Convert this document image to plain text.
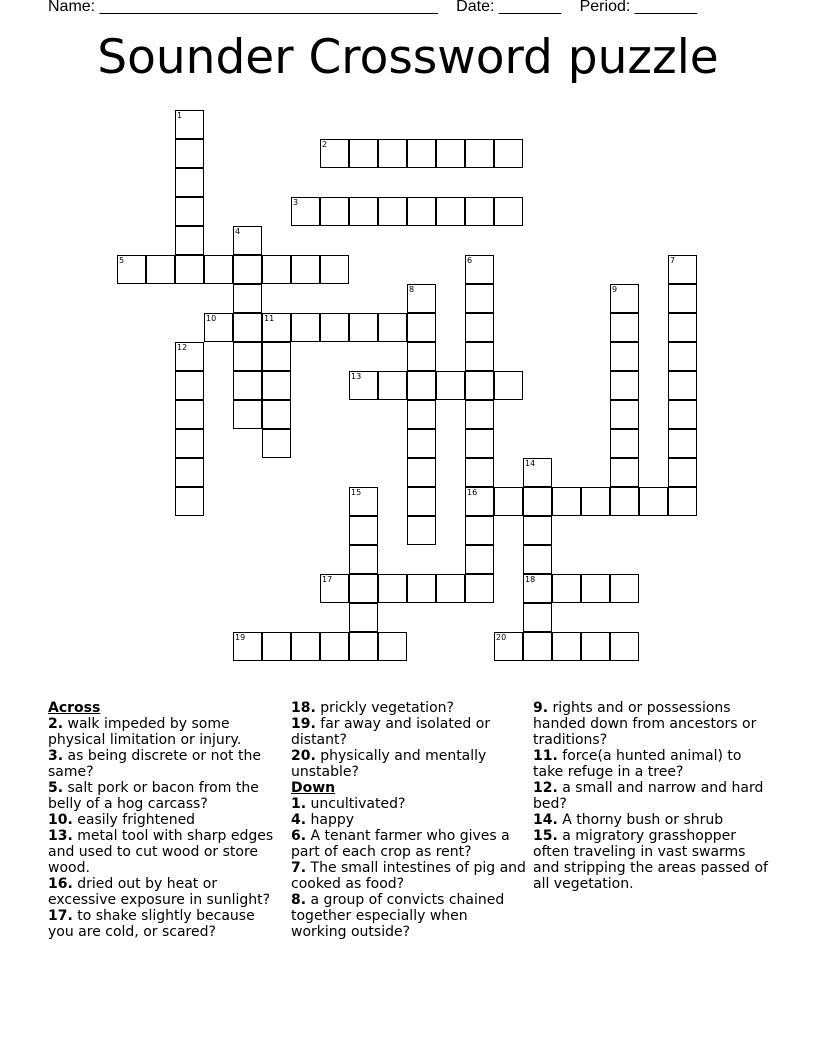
Name: ______________________________________ Date: _______ Period: _______
Sounder Crossword puzzle
1
2
3
4
5	6	7
8	9
10	11
12
13
14
15	16
17	18
19	20
Across

2. walk impeded by some physical limitation or injury.

3. as being discrete or not the same?

5. salt pork or bacon from the belly of a hog carcass?

10. easily frightened

13. metal tool with sharp edges and used to cut wood or store wood.

16. dried out by heat or excessive exposure in sunlight?

17. to shake slightly because you are cold, or scared?

18. prickly vegetation?

19. far away and isolated or distant?

20. physically and mentally unstable?

Down

1. uncultivated?

4. happy

6. A tenant farmer who gives a part of each crop as rent?

7. The small intestines of pig and cooked as food?

8. a group of convicts chained together especially when working outside?

9. rights and or possessions handed down from ancestors or traditions?

11. force(a hunted animal) to take refuge in a tree?

12. a small and narrow and hard bed?

14. A thorny bush or shrub

15. a migratory grasshopper often traveling in vast swarms and stripping the areas passed of all vegetation.
